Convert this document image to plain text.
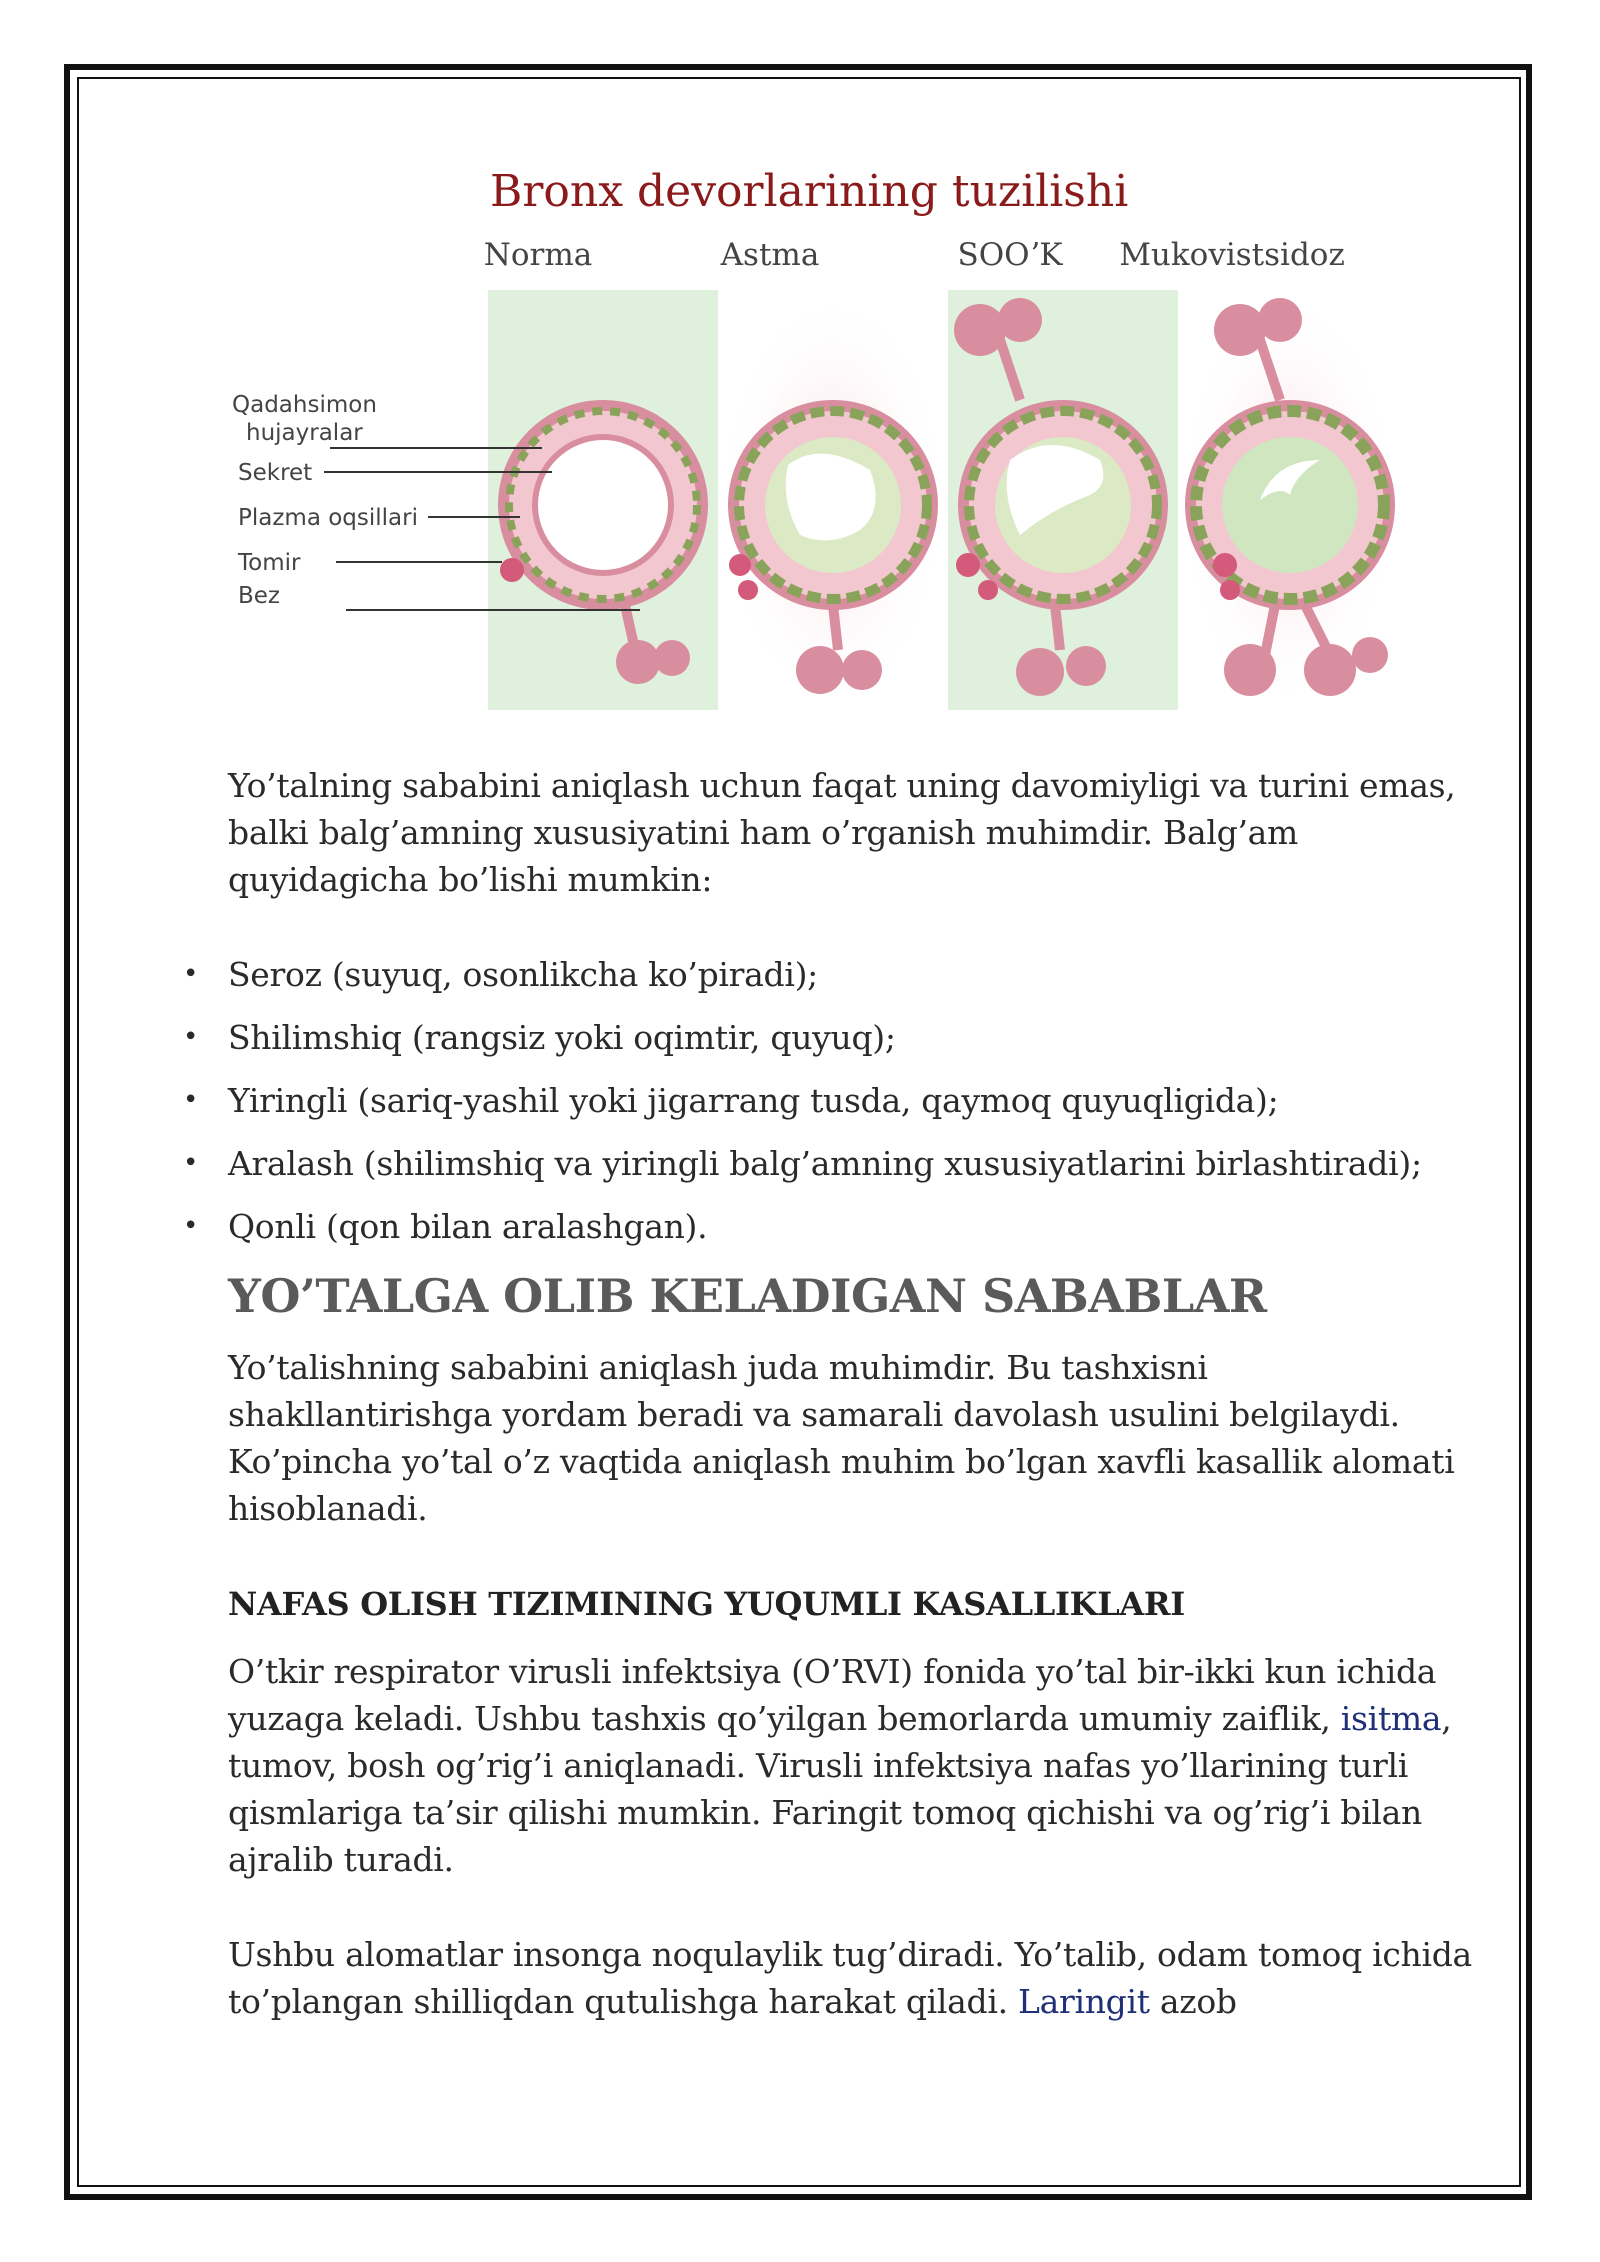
Bronx devorlarining tuzilishi
Norma	Astma	SOOʼK Mukovistsidoz
Qadahsimon
hujayralar
Sekret
Plazma oqsillari
Tomir
Bez

Yo’talning sababini aniqlash uchun faqat uning davomiyligi va turini emas, balki balg’amning xususiyatini ham o’rganish muhimdir. Balg’am quyidagicha bo’lishi mumkin:

• Seroz (suyuq, osonlikcha ko’piradi);
• Shilimshiq (rangsiz yoki oqimtir, quyuq);
• Yiringli (sariq-yashil yoki jigarrang tusda, qaymoq quyuqligida);
• Aralash (shilimshiq va yiringli balg’amning xususiyatlarini birlashtiradi);
• Qonli (qon bilan aralashgan).
YO’TALGA OLIB KELADIGAN SABABLAR

Yo’talishning sababini aniqlash juda muhimdir. Bu tashxisni shakllantirishga yordam beradi va samarali davolash usulini belgilaydi. Ko’pincha yo’tal o’z vaqtida aniqlash muhim bo’lgan xavfli kasallik alomati hisoblanadi.

NAFAS OLISH TIZIMINING YUQUMLI KASALLIKLARI

O’tkir respirator virusli infektsiya (O’RVI) fonida yo’tal bir-ikki kun ichida yuzaga keladi. Ushbu tashxis qo’yilgan bemorlarda umumiy zaiflik, isitma, tumov, bosh og’rig’i aniqlanadi. Virusli infektsiya nafas yo’llarining turli qismlariga ta’sir qilishi mumkin. Faringit tomoq qichishi va og’rig’i bilan ajralib turadi.

Ushbu alomatlar insonga noqulaylik tug’diradi. Yo’talib, odam tomoq ichida to’plangan shilliqdan qutulishga harakat qiladi. Laringit azob
